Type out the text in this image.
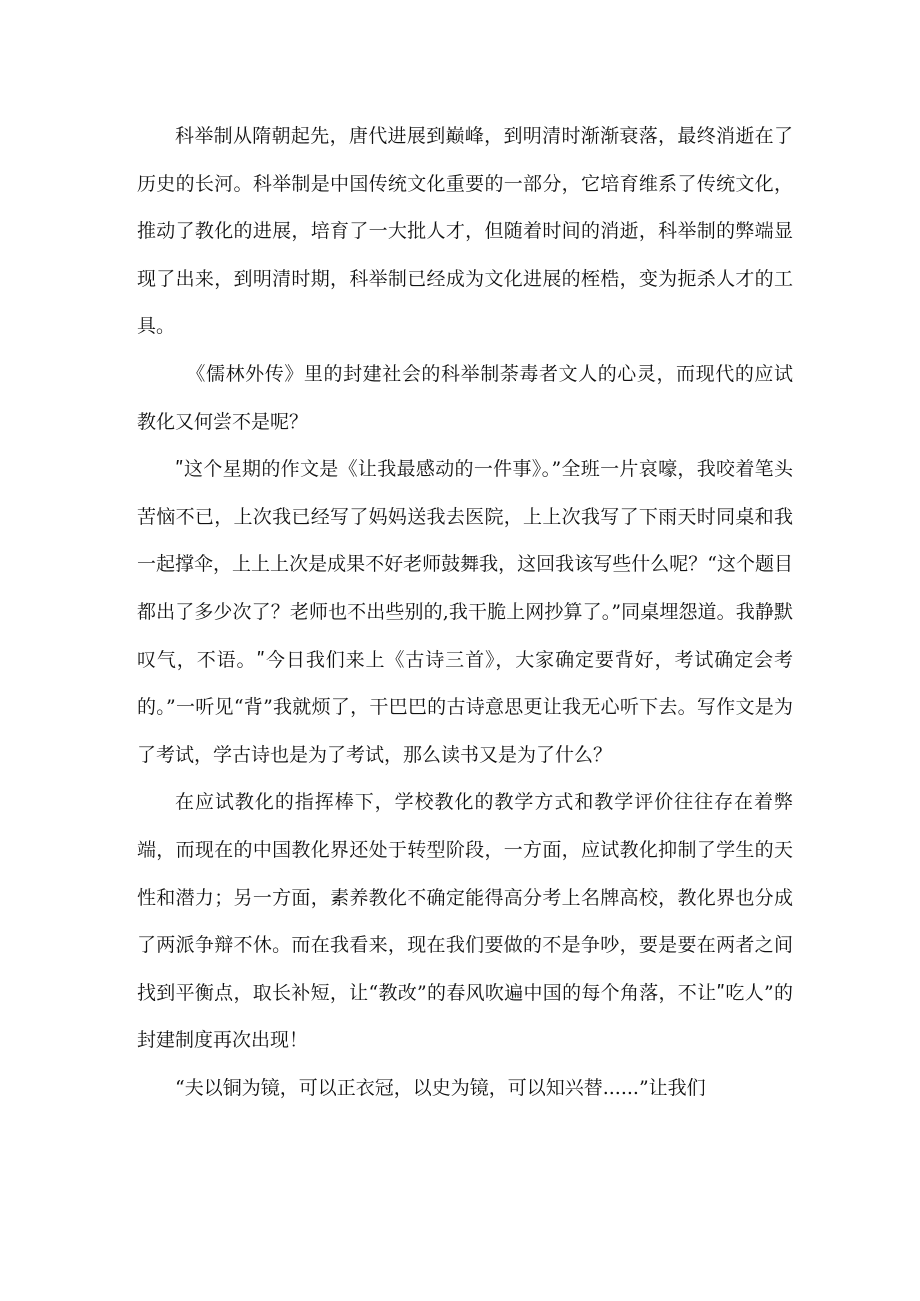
科举制从隋朝起先，唐代进展到巅峰，到明清时渐渐衰落，最终消逝在了历史的长河。科举制是中国传统文化重要的一部分，它培育维系了传统文化，推动了教化的进展，培育了一大批人才，但随着时间的消逝，科举制的弊端显现了出来，到明清时期，科举制已经成为文化进展的桎梏，变为扼杀人才的工具。

《儒林外传》里的封建社会的科举制荼毒者文人的心灵，而现代的应试教化又何尝不是呢？

ʺ这个星期的作文是《让我最感动的一件事》。”全班一片哀嚎，我咬着笔头苦恼不已，上次我已经写了妈妈送我去医院，上上次我写了下雨天时同桌和我一起撑伞，上上上次是成果不好老师鼓舞我，这回我该写些什么呢？“这个题目都出了多少次了？老师也不出些别的,我干脆上网抄算了。”同桌埋怨道。我静默叹气，不语。ʺ今日我们来上《古诗三首》，大家确定要背好，考试确定会考的。”一听见“背”我就烦了，干巴巴的古诗意思更让我无心听下去。写作文是为了考试，学古诗也是为了考试，那么读书又是为了什么？

在应试教化的指挥棒下，学校教化的教学方式和教学评价往往存在着弊端，而现在的中国教化界还处于转型阶段，一方面，应试教化抑制了学生的天性和潜力；另一方面，素养教化不确定能得高分考上名牌高校，教化界也分成了两派争辩不休。而在我看来，现在我们要做的不是争吵，要是要在两者之间找到平衡点，取长补短，让“教改”的春风吹遍中国的每个角落，不让ʺ吃人”的封建制度再次出现！

“夫以铜为镜，可以正衣冠，以史为镜，可以知兴替......”让我们
